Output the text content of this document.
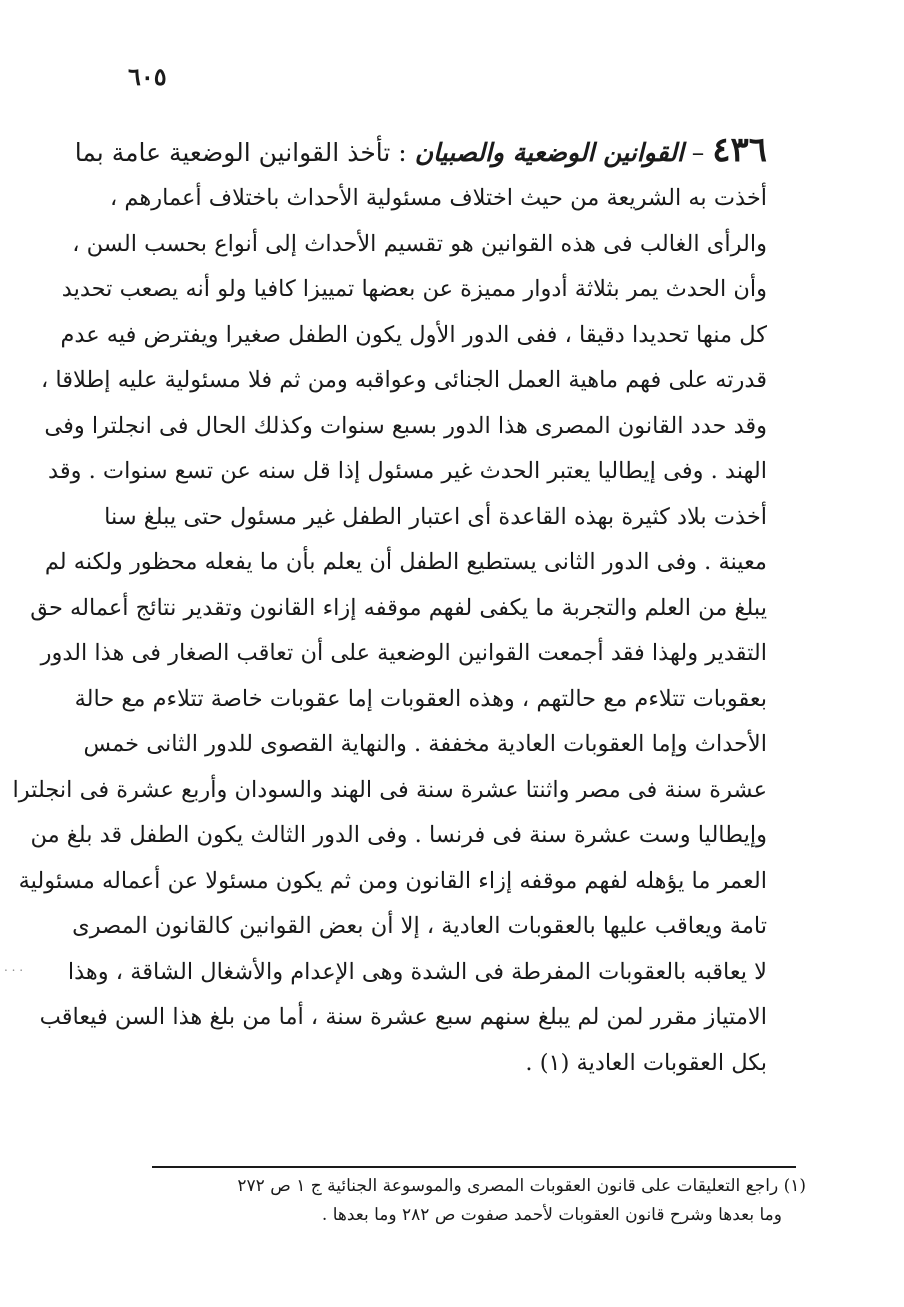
٦٠٥
٤٣٦ – القوانين الوضعية والصبيان : تأخذ القوانين الوضعية عامة بما
أخذت به الشريعة من حيث اختلاف مسئولية الأحداث باختلاف أعمارهم ،
والرأى الغالب فى هذه القوانين هو تقسيم الأحداث إلى أنواع بحسب السن ،
وأن الحدث يمر بثلاثة أدوار مميزة عن بعضها تمييزا كافيا ولو أنه يصعب تحديد
كل منها تحديدا دقيقا ، ففى الدور الأول يكون الطفل صغيرا ويفترض فيه عدم
قدرته على فهم ماهية العمل الجنائى وعواقبه ومن ثم فلا مسئولية عليه إطلاقا ،
وقد حدد القانون المصرى هذا الدور بسبع سنوات وكذلك الحال فى انجلترا وفى
الهند . وفى إيطاليا يعتبر الحدث غير مسئول إذا قل سنه عن تسع سنوات . وقد
أخذت بلاد كثيرة بهذه القاعدة أى اعتبار الطفل غير مسئول حتى يبلغ سنا
معينة . وفى الدور الثانى يستطيع الطفل أن يعلم بأن ما يفعله محظور ولكنه لم
يبلغ من العلم والتجربة ما يكفى لفهم موقفه إزاء القانون وتقدير نتائج أعماله حق
التقدير ولهذا فقد أجمعت القوانين الوضعية على أن تعاقب الصغار فى هذا الدور
بعقوبات تتلاءم مع حالتهم ، وهذه العقوبات إما عقوبات خاصة تتلاءم مع حالة
الأحداث وإما العقوبات العادية مخففة . والنهاية القصوى للدور الثانى خمس
عشرة سنة فى مصر واثنتا عشرة سنة فى الهند والسودان وأربع عشرة فى انجلترا
وإيطاليا وست عشرة سنة فى فرنسا . وفى الدور الثالث يكون الطفل قد بلغ من
العمر ما يؤهله لفهم موقفه إزاء القانون ومن ثم يكون مسئولا عن أعماله مسئولية
تامة ويعاقب عليها بالعقوبات العادية ، إلا أن بعض القوانين كالقانون المصرى
لا يعاقبه بالعقوبات المفرطة فى الشدة وهى الإعدام والأشغال الشاقة ، وهذا
الامتياز مقرر لمن لم يبلغ سنهم سبع عشرة سنة ، أما من بلغ هذا السن فيعاقب
بكل العقوبات العادية (١) .
(١) راجع التعليقات على قانون العقوبات المصرى والموسوعة الجنائية ج ١ ص ٢٧٢
وما بعدها وشرح قانون العقوبات لأحمد صفوت ص ٢٨٢ وما بعدها .
. . .
